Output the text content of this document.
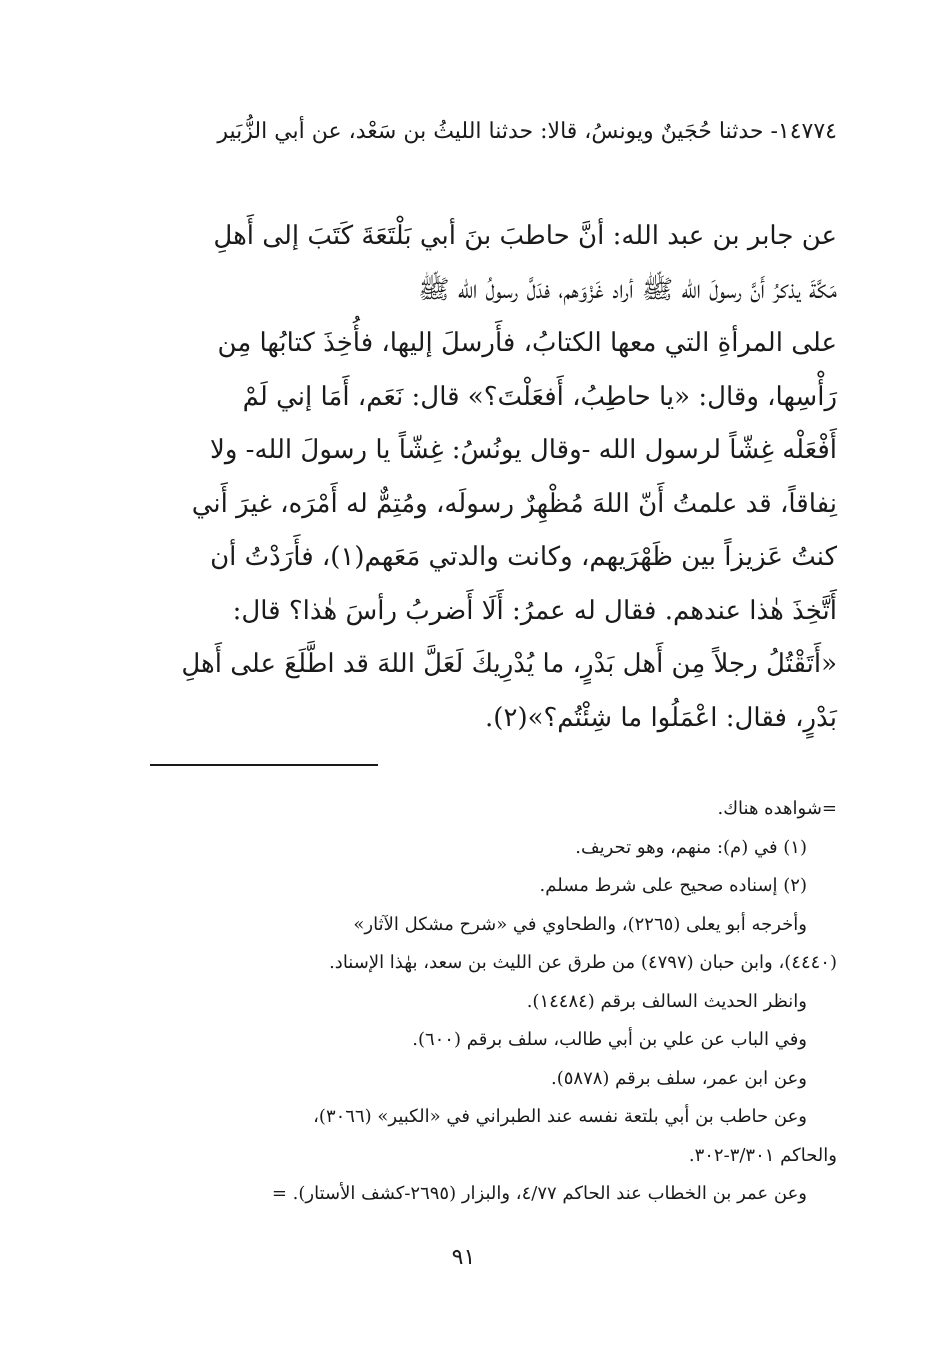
١٤٧٧٤- حدثنا حُجَينٌ ويونسُ، قالا: حدثنا الليثُ بن سَعْد، عن أبي الزُّبَير
عن جابر بن عبد الله: أنَّ حاطبَ بنَ أبي بَلْتَعَةَ كَتَبَ إلى أَهلِ
مَكَّةَ يذكرُ أَنَّ رسولَ الله ﷺ أراد غَزْوَهم، فدَلَّ رسولُ الله ﷺ
على المرأةِ التي معها الكتابُ، فأَرسلَ إليها، فأُخِذَ كتابُها مِن
رَأْسِها، وقال: «يا حاطِبُ، أَفعَلْتَ؟» قال: نَعَم، أَمَا إني لَمْ
أَفْعَلْه غِشّاً لرسول الله -وقال يونُسُ: غِشّاً يا رسولَ الله- ولا
نِفاقاً، قد علمتُ أَنّ اللهَ مُظْهِرٌ رسولَه، ومُتِمٌّ له أَمْرَه، غيرَ أَني
كنتُ عَزيزاً بين ظَهْرَيهم، وكانت والدتي مَعَهم(١)، فأَرَدْتُ أن
أَتَّخِذَ هٰذا عندهم. فقال له عمرُ: أَلَا أَضربُ رأسَ هٰذا؟ قال:
«أَتَقْتُلُ رجلاً مِن أَهل بَدْرٍ، ما يُدْرِيكَ لَعَلَّ اللهَ قد اطَّلَعَ على أَهلِ
بَدْرٍ، فقال: اعْمَلُوا ما شِئْتُم؟»(٢).
=شواهده هناك.
(١) في (م): منهم، وهو تحريف.
(٢) إسناده صحيح على شرط مسلم.
وأخرجه أبو يعلى (٢٢٦٥)، والطحاوي في «شرح مشكل الآثار»
(٤٤٤٠)، وابن حبان (٤٧٩٧) من طرق عن الليث بن سعد، بهٰذا الإسناد.
وانظر الحديث السالف برقم (١٤٤٨٤).
وفي الباب عن علي بن أبي طالب، سلف برقم (٦٠٠).
وعن ابن عمر، سلف برقم (٥٨٧٨).
وعن حاطب بن أبي بلتعة نفسه عند الطبراني في «الكبير» (٣٠٦٦)،
والحاكم ٣/٣٠١-٣٠٢.
وعن عمر بن الخطاب عند الحاكم ٤/٧٧، والبزار (٢٦٩٥-كشف الأستار). =
٩١
